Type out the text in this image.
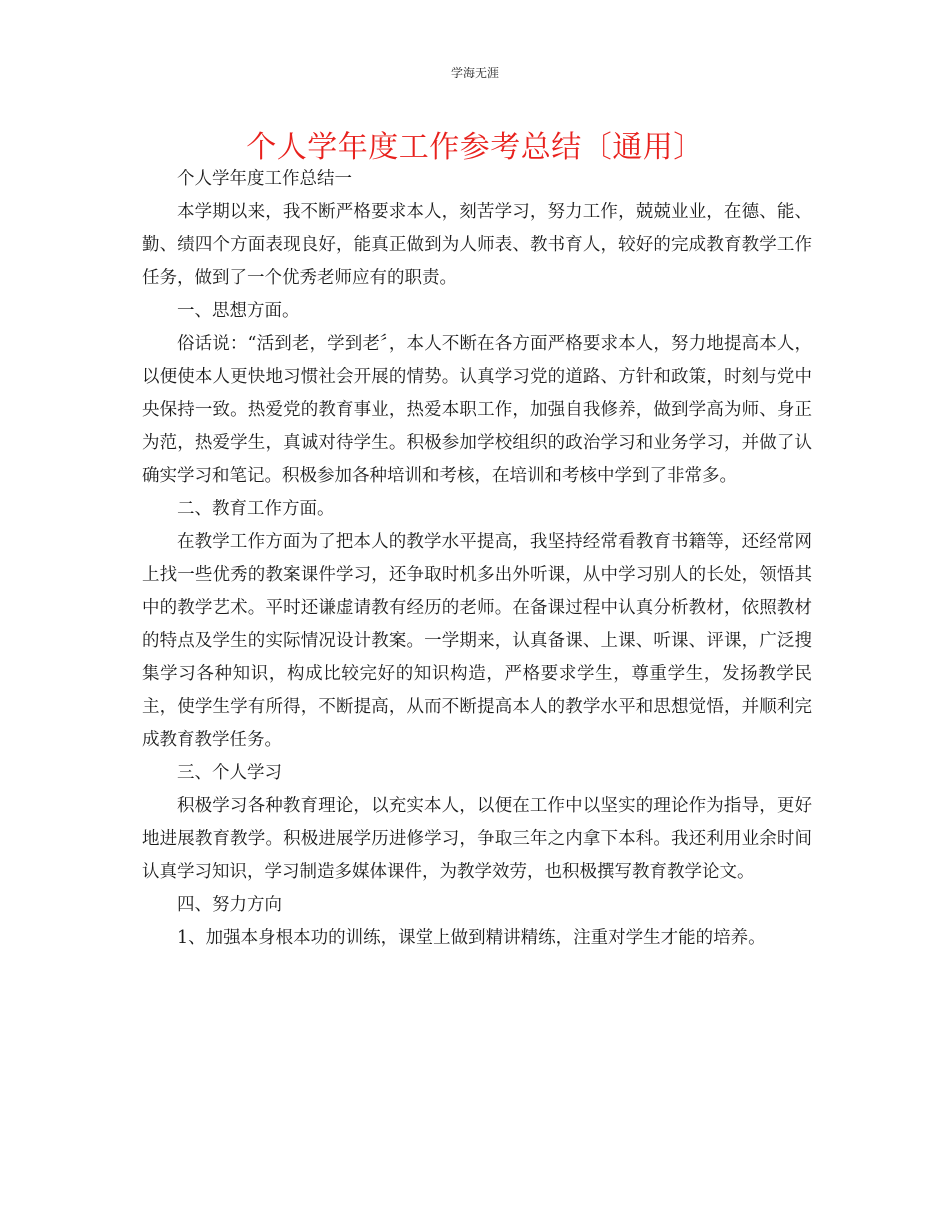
学海无涯
个人学年度工作参考总结〔通用〕

个人学年度工作总结一

本学期以来，我不断严格要求本人，刻苦学习，努力工作，兢兢业业，在德、能、勤、绩四个方面表现良好，能真正做到为人师表、教书育人，较好的完成教育教学工作任务，做到了一个优秀老师应有的职责。

一、思想方面。

俗话说：“活到老，学到老〞，本人不断在各方面严格要求本人，努力地提高本人，以便使本人更快地习惯社会开展的情势。认真学习党的道路、方针和政策，时刻与党中央保持一致。热爱党的教育事业，热爱本职工作，加强自我修养，做到学高为师、身正为范，热爱学生，真诚对待学生。积极参加学校组织的政治学习和业务学习，并做了认确实学习和笔记。积极参加各种培训和考核，在培训和考核中学到了非常多。

二、教育工作方面。

在教学工作方面为了把本人的教学水平提高，我坚持经常看教育书籍等，还经常网上找一些优秀的教案课件学习，还争取时机多出外听课，从中学习别人的长处，领悟其中的教学艺术。平时还谦虚请教有经历的老师。在备课过程中认真分析教材，依照教材的特点及学生的实际情况设计教案。一学期来，认真备课、上课、听课、评课，广泛搜集学习各种知识，构成比较完好的知识构造，严格要求学生，尊重学生，发扬教学民主，使学生学有所得，不断提高，从而不断提高本人的教学水平和思想觉悟，并顺利完成教育教学任务。

三、个人学习

积极学习各种教育理论，以充实本人，以便在工作中以坚实的理论作为指导，更好地进展教育教学。积极进展学历进修学习，争取三年之内拿下本科。我还利用业余时间认真学习知识，学习制造多媒体课件，为教学效劳，也积极撰写教育教学论文。

四、努力方向

1、加强本身根本功的训练，课堂上做到精讲精练，注重对学生才能的培养。
